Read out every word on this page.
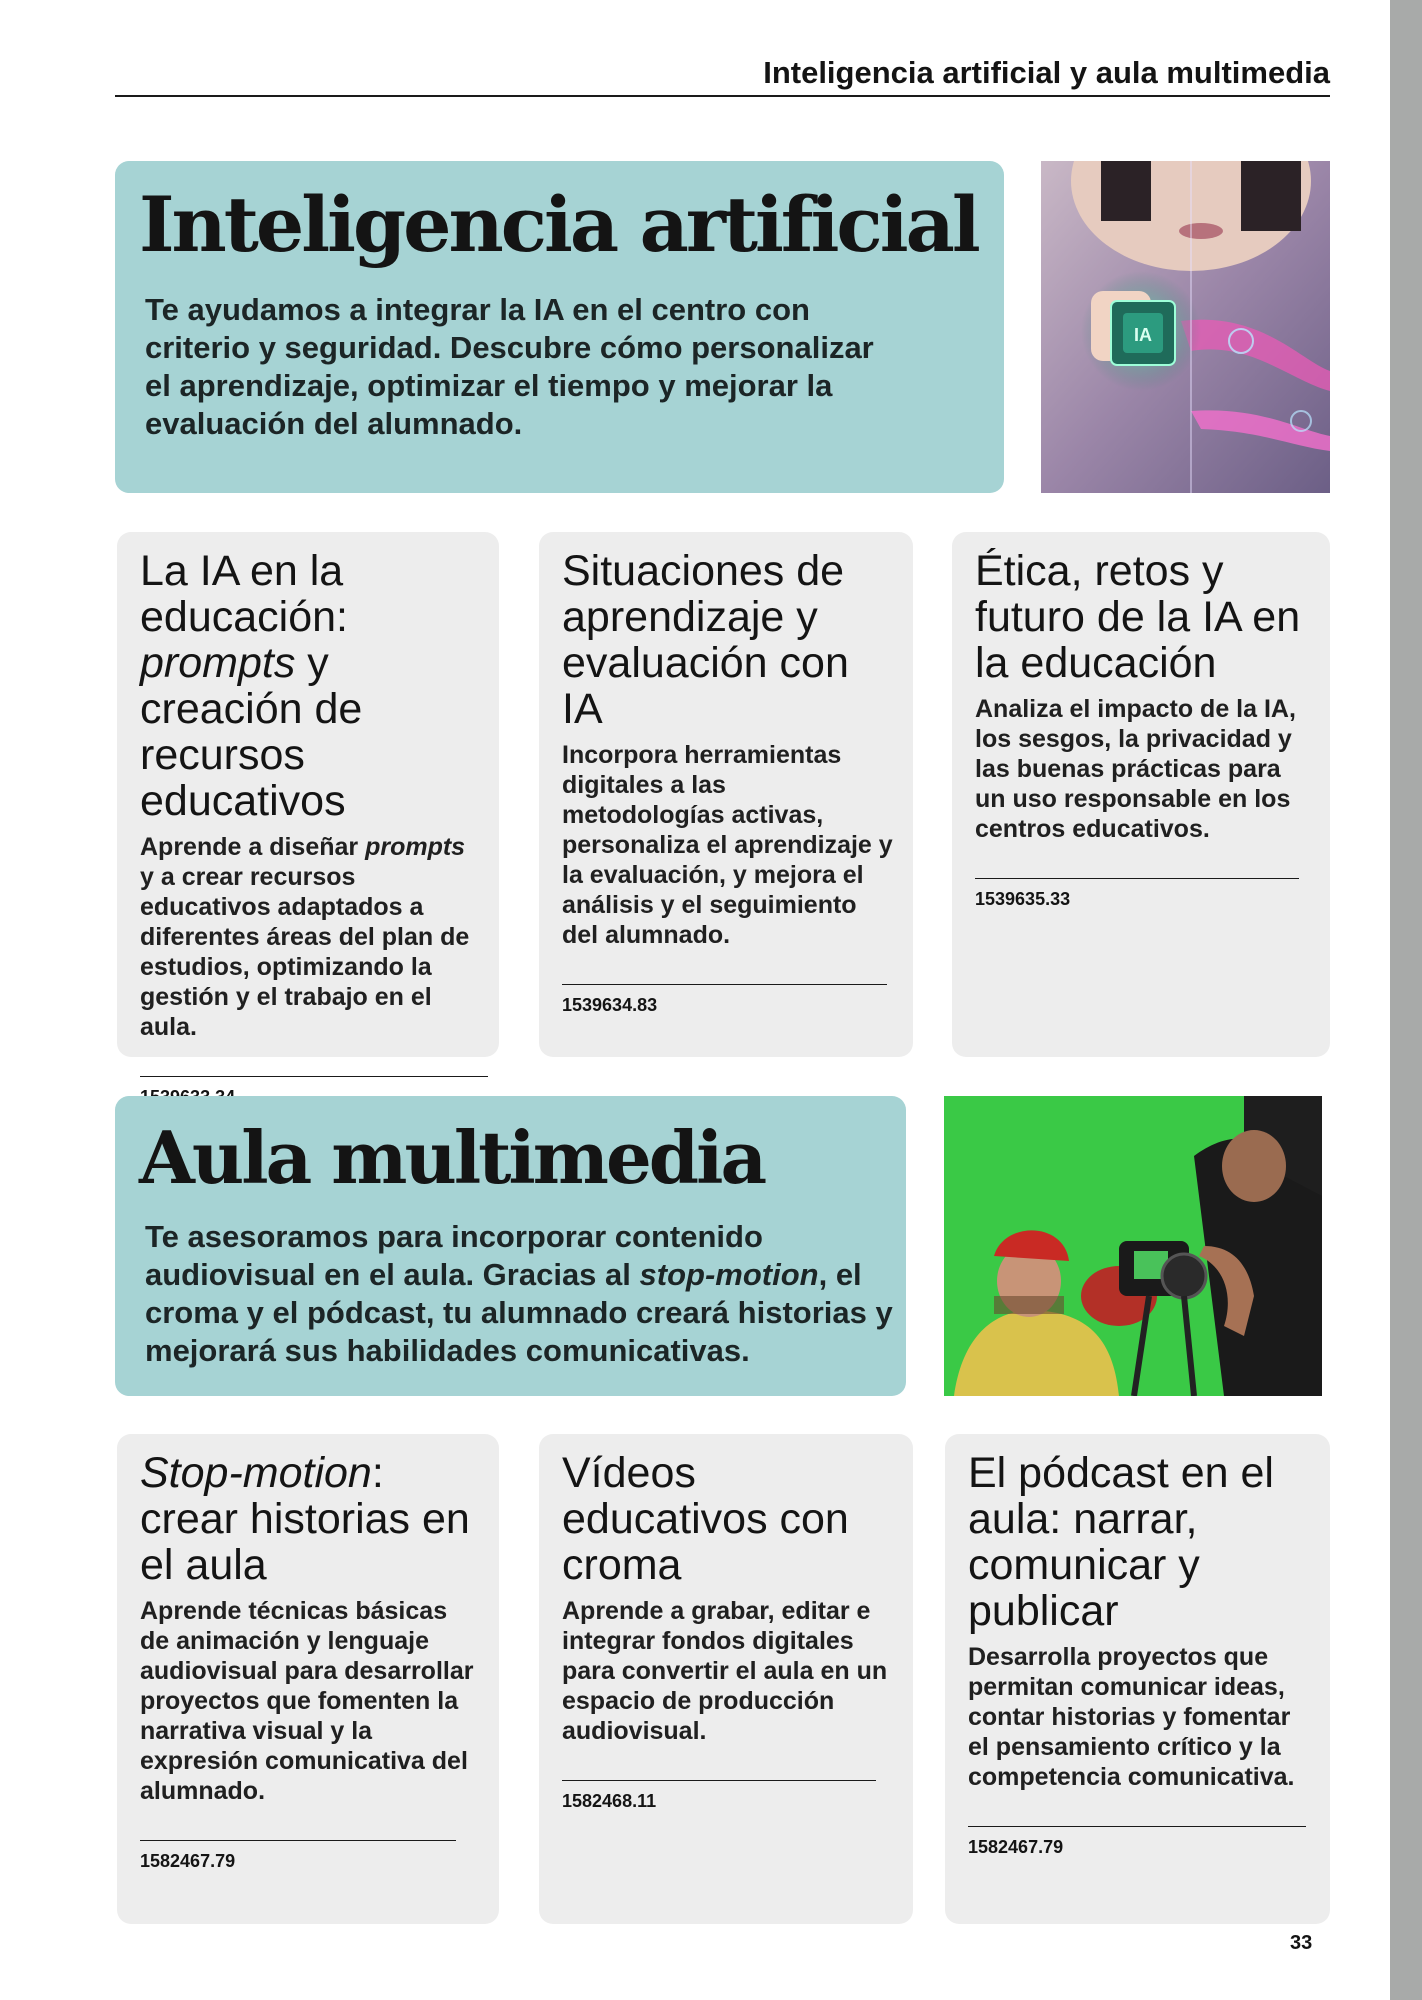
Inteligencia artificial y aula multimedia
Inteligencia artificial

Te ayudamos a integrar la IA en el centro con criterio y seguridad. Descubre cómo personalizar el aprendizaje, optimizar el tiempo y mejorar la evaluación del alumnado.

IA
La IA en la educación:
prompts y creación de recursos educativos

Aprende a diseñar prompts y a crear recursos educativos adaptados a diferentes áreas del plan de estudios, optimizando la gestión y el trabajo en el aula.

Situaciones de aprendizaje y evaluación con IA

Incorpora herramientas digitales a las metodologías activas, personaliza el aprendizaje y la evaluación, y mejora el análisis y el seguimiento del alumnado.

1539634.83
Ética, retos y futuro de la IA en la educación

Analiza el impacto de la IA, los sesgos, la privacidad y las buenas prácticas para un uso responsable en los centros educativos.

1539635.33
Aula multimedia

Te asesoramos para incorporar contenido audiovisual en el aula. Gracias al stop-motion, el croma y el pódcast, tu alumnado creará historias y mejorará sus habilidades comunicativas.

Stop-motion: crear historias en el aula

Aprende técnicas básicas de animación y lenguaje audiovisual para desarrollar proyectos que fomenten la narrativa visual y la expresión comunicativa del alumnado.

1582467.79
Vídeos educativos con croma

Aprende a grabar, editar e integrar fondos digitales para convertir el aula en un espacio de producción audiovisual.

1582468.11
El pódcast en el aula: narrar, comunicar y publicar

Desarrolla proyectos que permitan comunicar ideas, contar historias y fomentar el pensamiento crítico y la competencia comunicativa.

1582467.79
33
